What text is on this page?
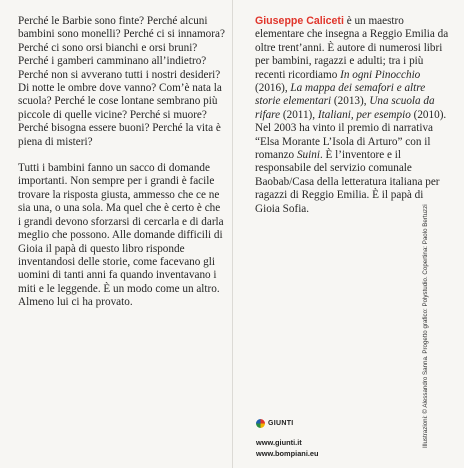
Perché le Barbie sono finte? Perché alcuni bambini sono monelli? Perché ci si innamora? Perché ci sono orsi bianchi e orsi bruni? Perché i gamberi camminano all’indietro? Perché non si avverano tutti i nostri desideri? Di notte le ombre dove vanno? Com’è nata la scuola? Perché le cose lontane sembrano più piccole di quelle vicine? Perché si muore? Perché bisogna essere buoni? Perché la vita è piena di misteri?

Tutti i bambini fanno un sacco di domande importanti. Non sempre per i grandi è facile trovare la risposta giusta, ammesso che ce ne sia una, o una sola. Ma quel che è certo è che i grandi devono sforzarsi di cercarla e di darla meglio che possono. Alle domande difficili di Gioia il papà di questo libro risponde inventandosi delle storie, come facevano gli uomini di tanti anni fa quando inventavano i miti e le leggende. È un modo come un altro. Almeno lui ci ha provato.

Giuseppe Caliceti è un maestro elementare che insegna a Reggio Emilia da oltre trent’anni. È autore di numerosi libri per bambini, ragazzi e adulti; tra i più recenti ricordiamo In ogni Pinocchio (2016), La mappa dei semafori e altre storie elementari (2013), Una scuola da rifare (2011), Italiani, per esempio (2010). Nel 2003 ha vinto il premio di narrativa “Elsa Morante L’Isola di Arturo” con il romanzo Suini. È l’inventore e il responsabile del servizio comunale Baobab/Casa della letteratura italiana per ragazzi di Reggio Emilia. È il papà di Gioia Sofia.	Illustrazioni: © Alessandro Sanna. Progetto grafico: Polystudio. Copertina: Paolo Bertuzzi
GIUNTI
www.giunti.it
www.bompiani.eu
